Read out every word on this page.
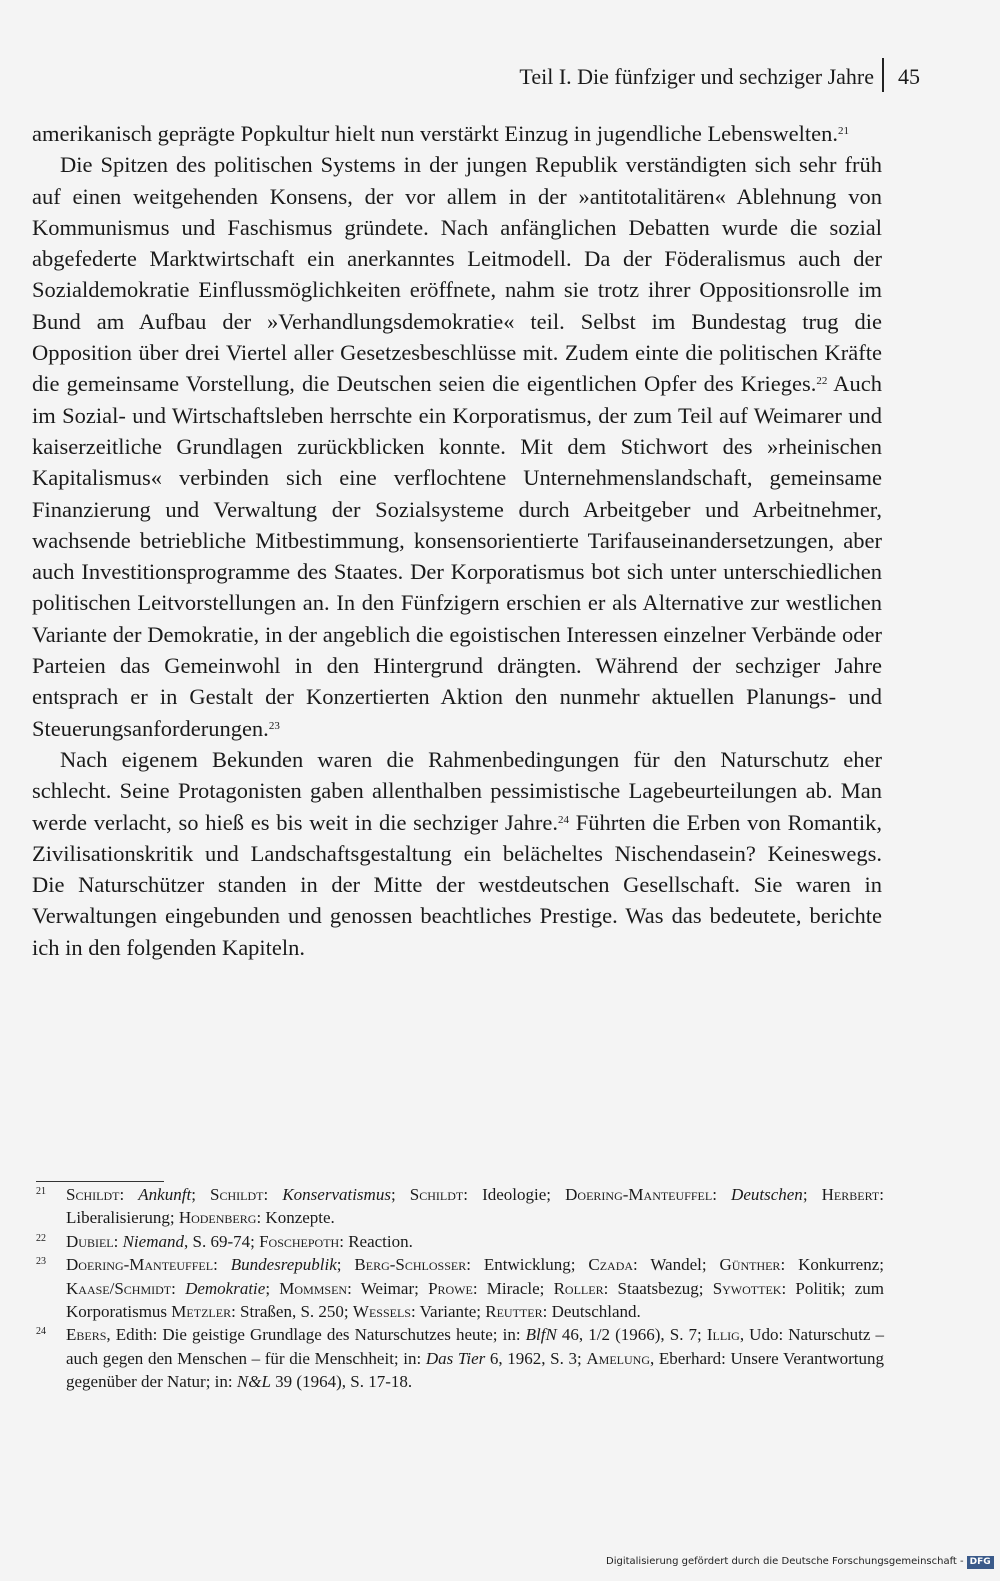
Teil I. Die fünfziger und sechziger Jahre 45

amerikanisch geprägte Popkultur hielt nun verstärkt Einzug in jugendliche Lebenswelten.$^{21}$

Die Spitzen des politischen Systems in der jungen Republik verständigten sich sehr früh auf einen weitgehenden Konsens, der vor allem in der »antitotalitären« Ablehnung von Kommunismus und Faschismus gründete. Nach anfänglichen Debatten wurde die sozial abgefederte Marktwirtschaft ein anerkanntes Leitmodell. Da der Föderalismus auch der Sozialdemokratie Einflussmöglichkeiten eröffnete, nahm sie trotz ihrer Oppositionsrolle im Bund am Aufbau der »Verhandlungsdemokratie« teil. Selbst im Bundestag trug die Opposition über drei Viertel aller Gesetzesbeschlüsse mit. Zudem einte die politischen Kräfte die gemeinsame Vorstellung, die Deutschen seien die eigentlichen Opfer des Krieges.$^{22}$ Auch im Sozial- und Wirtschaftsleben herrschte ein Korporatismus, der zum Teil auf Weimarer und kaiserzeitliche Grundlagen zurückblicken konnte. Mit dem Stichwort des »rheinischen Kapitalismus« verbinden sich eine verflochtene Unternehmenslandschaft, gemeinsame Finanzierung und Verwaltung der Sozialsysteme durch Arbeitgeber und Arbeitnehmer, wachsende betriebliche Mitbestimmung, konsensorientierte Tarifauseinandersetzungen, aber auch Investitionsprogramme des Staates. Der Korporatismus bot sich unter unterschiedlichen politischen Leitvorstellungen an. In den Fünfzigern erschien er als Alternative zur westlichen Variante der Demokratie, in der angeblich die egoistischen Interessen einzelner Verbände oder Parteien das Gemeinwohl in den Hintergrund drängten. Während der sechziger Jahre entsprach er in Gestalt der Konzertierten Aktion den nunmehr aktuellen Planungs- und Steuerungsanforderungen.$^{23}$

Nach eigenem Bekunden waren die Rahmenbedingungen für den Naturschutz eher schlecht. Seine Protagonisten gaben allenthalben pessimistische Lagebeurteilungen ab. Man werde verlacht, so hieß es bis weit in die sechziger Jahre.$^{24}$ Führten die Erben von Romantik, Zivilisationskritik und Landschaftsgestaltung ein belächeltes Nischendasein? Keineswegs. Die Naturschützer standen in der Mitte der westdeutschen Gesellschaft. Sie waren in Verwaltungen eingebunden und genossen beachtliches Prestige. Was das bedeutete, berichte ich in den folgenden Kapiteln.

21 Schildt: Ankunft; Schildt: Konservatismus; Schildt: Ideologie; Doering-Manteuffel: Deutschen; Herbert: Liberalisierung; Hodenberg: Konzepte.

22 Dubiel: Niemand, S. 69-74; Foschepoth: Reaction.

23 Doering-Manteuffel: Bundesrepublik; Berg-Schlosser: Entwicklung; Czada: Wandel; Günther: Konkurrenz; Kaase/Schmidt: Demokratie; Mommsen: Weimar; Prowe: Miracle; Roller: Staatsbezug; Sywottek: Politik; zum Korporatismus Metzler: Straßen, S. 250; Wessels: Variante; Reutter: Deutschland.

24 Ebers, Edith: Die geistige Grundlage des Naturschutzes heute; in: BlfN 46, 1/2 (1966), S. 7; Illig, Udo: Naturschutz – auch gegen den Menschen – für die Menschheit; in: Das Tier 6, 1962, S. 3; Amelung, Eberhard: Unsere Verantwortung gegenüber der Natur; in: N&L 39 (1964), S. 17-18.

Digitalisierung gefördert durch die Deutsche Forschungsgemeinschaft - DFG
